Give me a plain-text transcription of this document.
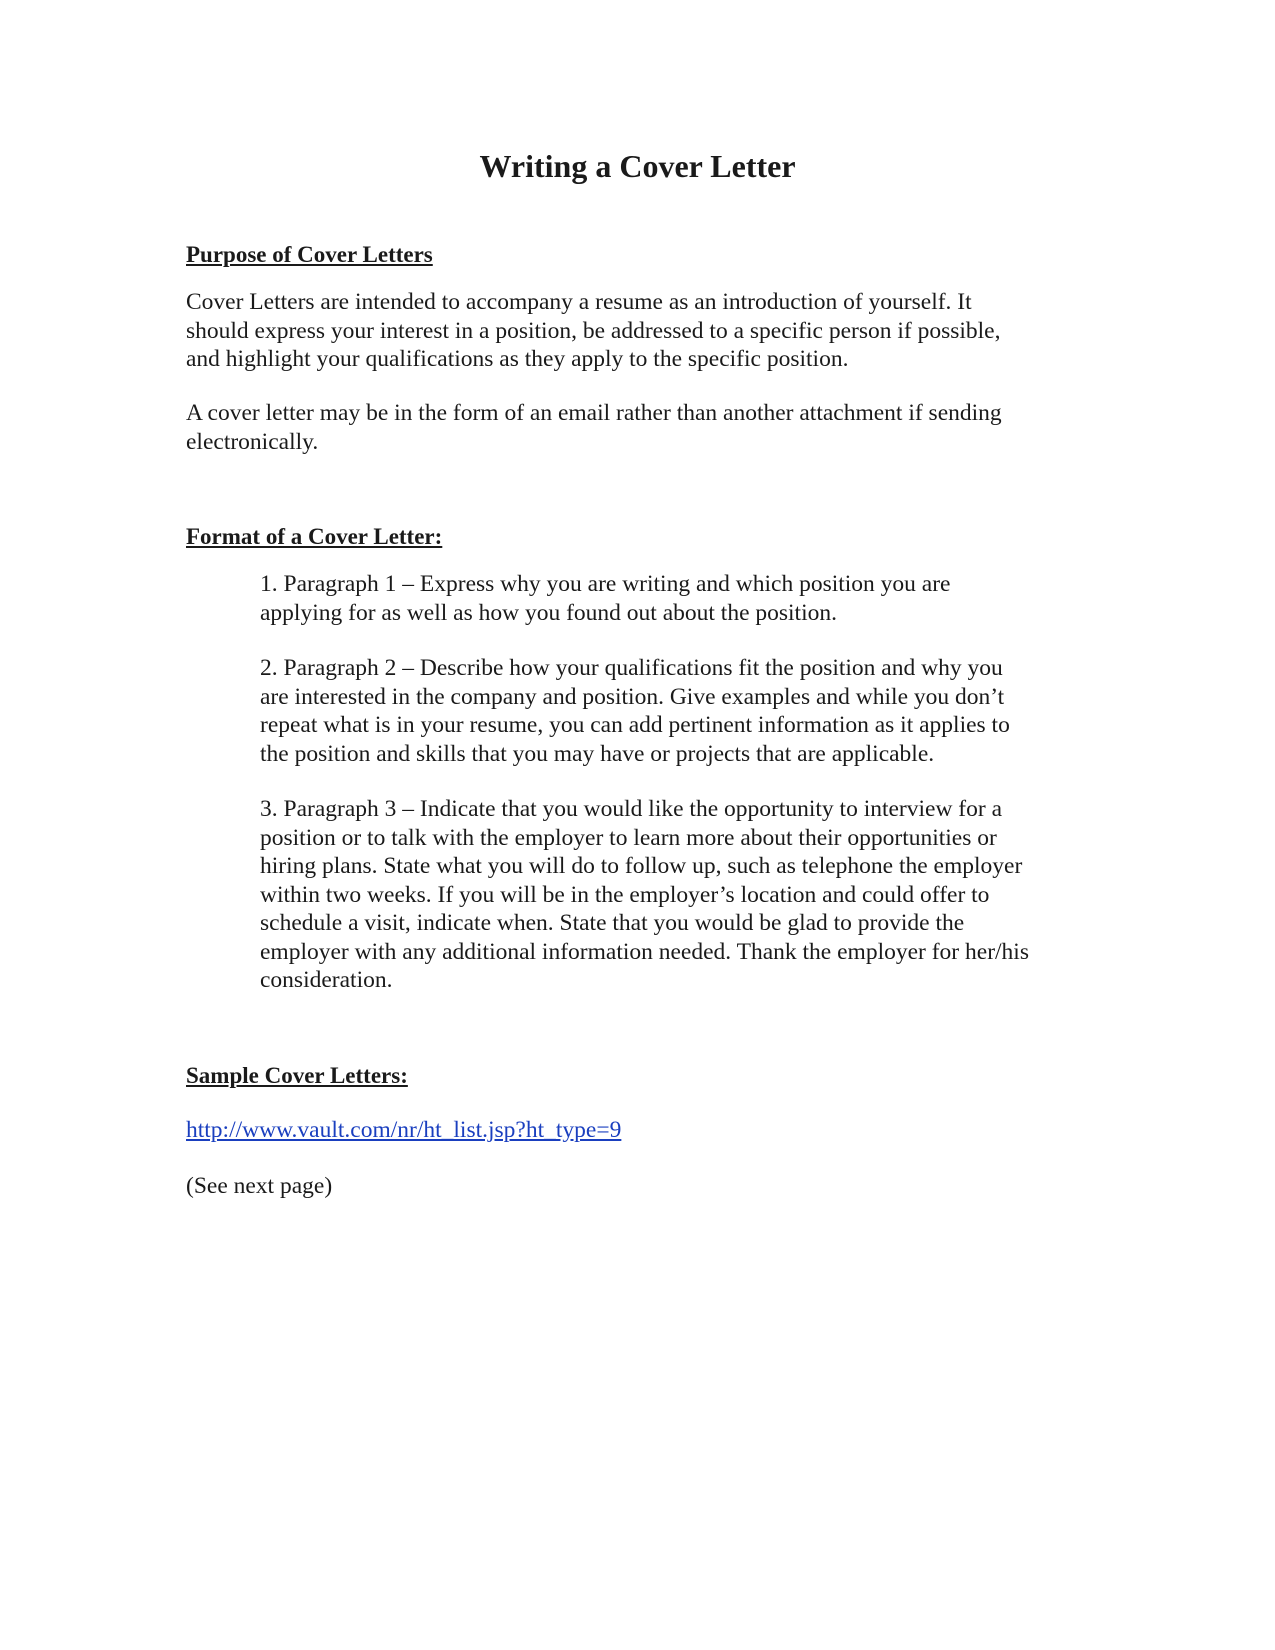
Writing a Cover Letter
Purpose of Cover Letters
Cover Letters are intended to accompany a resume as an introduction of yourself. It
should express your interest in a position, be addressed to a specific person if possible,
and highlight your qualifications as they apply to the specific position.
A cover letter may be in the form of an email rather than another attachment if sending
electronically.
Format of a Cover Letter:
1. Paragraph 1 – Express why you are writing and which position you are
applying for as well as how you found out about the position.
2. Paragraph 2 – Describe how your qualifications fit the position and why you
are interested in the company and position. Give examples and while you don’t
repeat what is in your resume, you can add pertinent information as it applies to
the position and skills that you may have or projects that are applicable.
3. Paragraph 3 – Indicate that you would like the opportunity to interview for a
position or to talk with the employer to learn more about their opportunities or
hiring plans. State what you will do to follow up, such as telephone the employer
within two weeks. If you will be in the employer’s location and could offer to
schedule a visit, indicate when. State that you would be glad to provide the
employer with any additional information needed. Thank the employer for her/his
consideration.
Sample Cover Letters:
http://www.vault.com/nr/ht_list.jsp?ht_type=9
(See next page)
